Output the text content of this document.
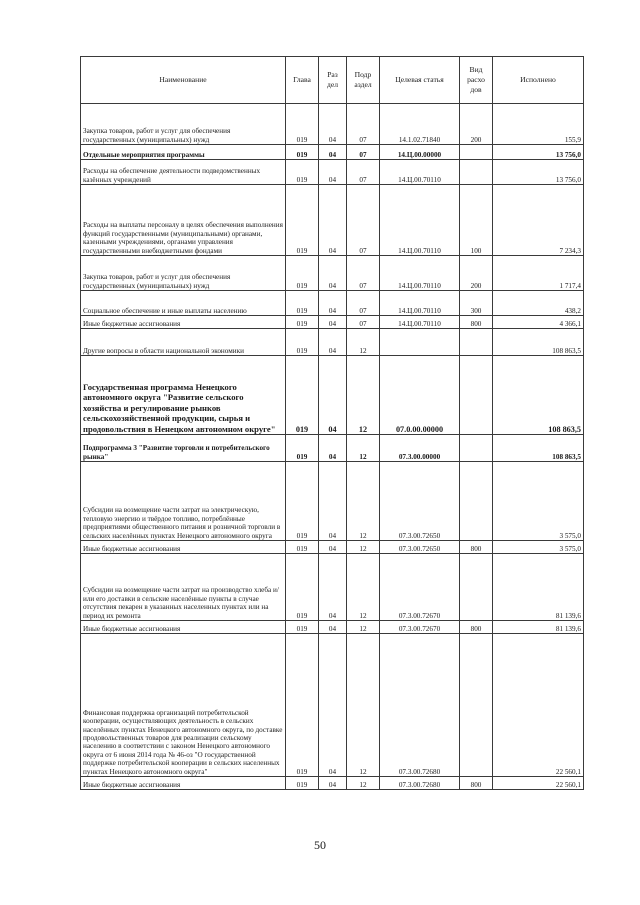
Наименование	Глава	Раз дел	Подр аздел	Целевая статья	Вид расхо дов	Исполнено
Закупка товаров, работ и услуг для обеспечения государственных (муниципальных) нужд	019	04	07	14.1.02.71840	200	155,9
Отдельные мероприятия программы	019	04	07	14.Ц.00.00000		13 756,0
Расходы на обеспечение деятельности подведомственных казённых учреждений	019	04	07	14.Ц.00.70110		13 756,0
Расходы на выплаты персоналу в целях обеспечения выполнения функций государственными (муниципальными) органами, казенными учреждениями, органами управления государственными внебюджетными фондами	019	04	07	14.Ц.00.70110	100	7 234,3
Закупка товаров, работ и услуг для обеспечения государственных (муниципальных) нужд	019	04	07	14.Ц.00.70110	200	1 717,4
Социальное обеспечение и иные выплаты населению	019	04	07	14.Ц.00.70110	300	438,2
Иные бюджетные ассигнования	019	04	07	14.Ц.00.70110	800	4 366,1
Другие вопросы в области национальной экономики	019	04	12			108 863,5
Государственная программа Ненецкого автономного округа "Развитие сельского хозяйства и регулирование рынков сельскохозяйственной продукции, сырья и продовольствия в Ненецком автономном округе"	019	04	12	07.0.00.00000		108 863,5
Подпрограмма 3 "Развитие торговли и потребительского рынка"	019	04	12	07.3.00.00000		108 863,5
Субсидии на возмещение части затрат на электрическую, тепловую энергию и твёрдое топливо, потреблённые предприятиями общественного питания и розничной торговли в сельских населённых пунктах Ненецкого автономного округа	019	04	12	07.3.00.72650		3 575,0
Иные бюджетные ассигнования	019	04	12	07.3.00.72650	800	3 575,0
Субсидии на возмещение части затрат на производство хлеба и/или его доставки в сельские населённые пункты в случае отсутствия пекарен в указанных населенных пунктах или на период их ремонта	019	04	12	07.3.00.72670		81 139,6
Иные бюджетные ассигнования	019	04	12	07.3.00.72670	800	81 139,6
Финансовая поддержка организаций потребительской кооперации, осуществляющих деятельность в сельских населённых пунктах Ненецкого автономного округа, по доставке продовольственных товаров для реализации сельскому населению в соответствии с законом Ненецкого автономного округа от 6 июня 2014 года № 46-оз "О государственной поддержке потребительской кооперации в сельских населенных пунктах Ненецкого автономного округа"	019	04	12	07.3.00.72680		22 560,1
Иные бюджетные ассигнования	019	04	12	07.3.00.72680	800	22 560,1
50
